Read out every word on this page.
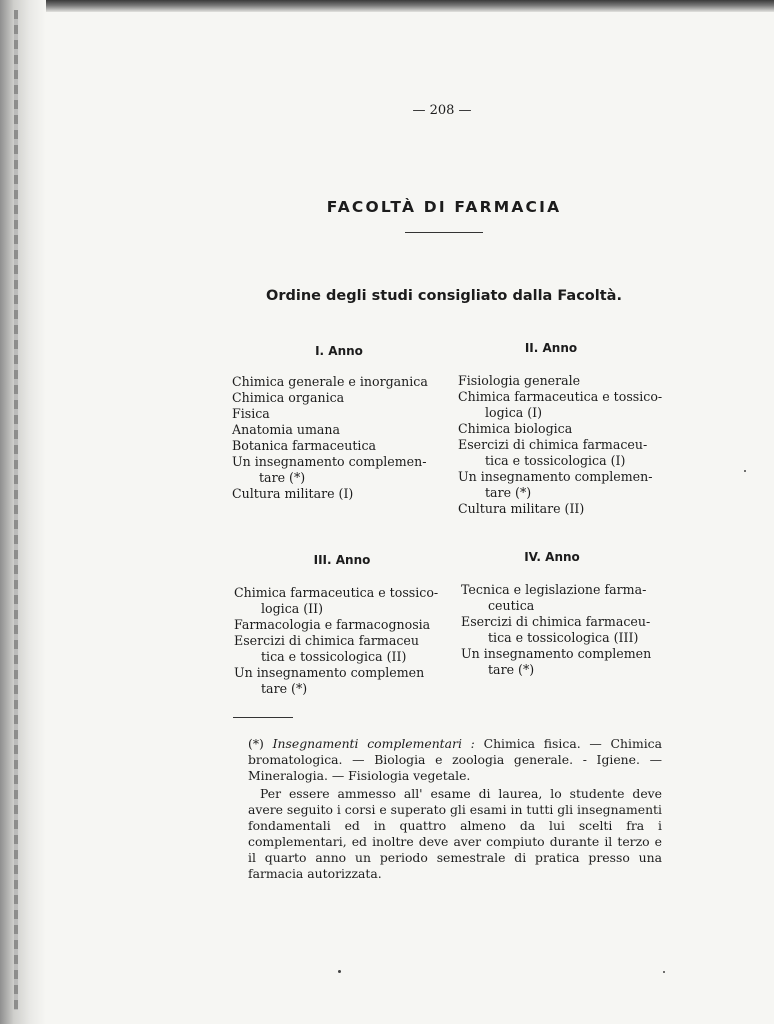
— 208 —
FACOLTÀ DI FARMACIA
Ordine degli studi consigliato dalla Facoltà.
I. Anno
Chimica generale e inorganica
Chimica organica
Fisica
Anatomia umana
Botanica farmaceutica
Un insegnamento complemen-
tare (*)
Cultura militare (I)
II. Anno
Fisiologia generale
Chimica farmaceutica e tossico-
logica (I)
Chimica biologica
Esercizi di chimica farmaceu-
tica e tossicologica (I)
Un insegnamento complemen-
tare (*)
Cultura militare (II)
III. Anno
Chimica farmaceutica e tossico-
logica (II)
Farmacologia e farmacognosia
Esercizi di chimica farmaceu
tica e tossicologica (II)
Un insegnamento complemen
tare (*)
IV. Anno
Tecnica e legislazione farma-
ceutica
Esercizi di chimica farmaceu-
tica e tossicologica (III)
Un insegnamento complemen
tare (*)

(*) Insegnamenti complementari : Chimica fisica. — Chimica bromatologica. — Biologia e zoologia generale. - Igiene. — Mineralogia. — Fisiologia vegetale.

Per essere ammesso all' esame di laurea, lo studente deve avere seguito i corsi e superato gli esami in tutti gli insegnamenti fondamentali ed in quattro almeno da lui scelti fra i complementari, ed inoltre deve aver compiuto durante il terzo e il quarto anno un periodo semestrale di pratica presso una farmacia autorizzata.
